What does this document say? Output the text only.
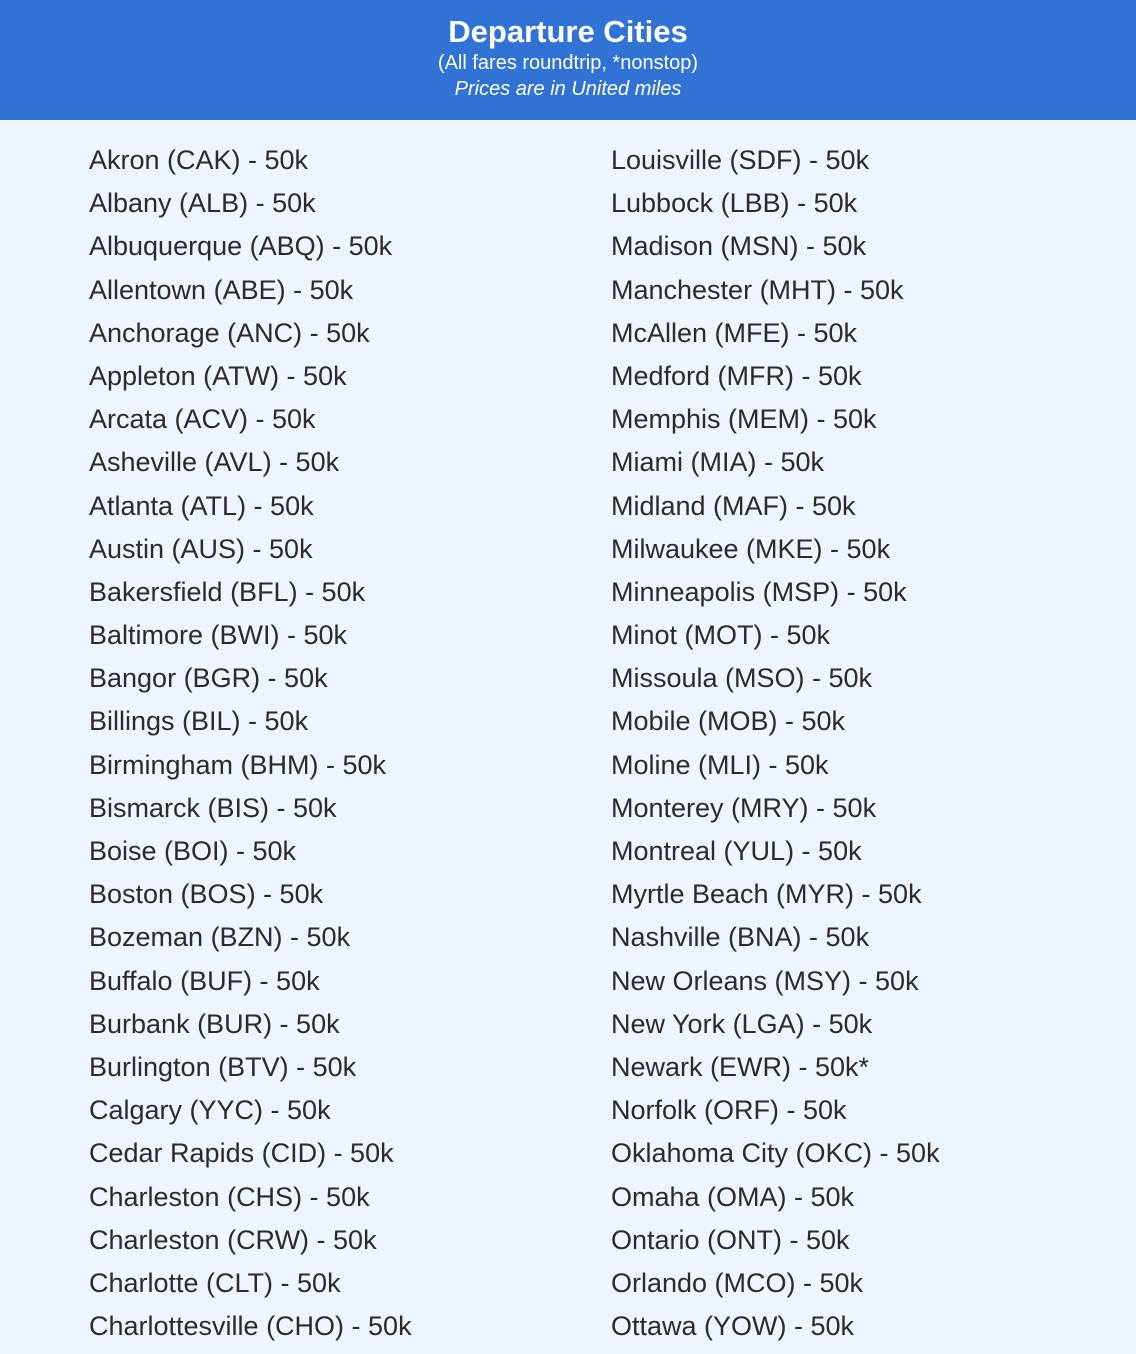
Departure Cities
(All fares roundtrip, *nonstop)
Prices are in United miles
Akron (CAK) - 50k
Albany (ALB) - 50k
Albuquerque (ABQ) - 50k
Allentown (ABE) - 50k
Anchorage (ANC) - 50k
Appleton (ATW) - 50k
Arcata (ACV) - 50k
Asheville (AVL) - 50k
Atlanta (ATL) - 50k
Austin (AUS) - 50k
Bakersfield (BFL) - 50k
Baltimore (BWI) - 50k
Bangor (BGR) - 50k
Billings (BIL) - 50k
Birmingham (BHM) - 50k
Bismarck (BIS) - 50k
Boise (BOI) - 50k
Boston (BOS) - 50k
Bozeman (BZN) - 50k
Buffalo (BUF) - 50k
Burbank (BUR) - 50k
Burlington (BTV) - 50k
Calgary (YYC) - 50k
Cedar Rapids (CID) - 50k
Charleston (CHS) - 50k
Charleston (CRW) - 50k
Charlotte (CLT) - 50k
Charlottesville (CHO) - 50k
Louisville (SDF) - 50k
Lubbock (LBB) - 50k
Madison (MSN) - 50k
Manchester (MHT) - 50k
McAllen (MFE) - 50k
Medford (MFR) - 50k
Memphis (MEM) - 50k
Miami (MIA) - 50k
Midland (MAF) - 50k
Milwaukee (MKE) - 50k
Minneapolis (MSP) - 50k
Minot (MOT) - 50k
Missoula (MSO) - 50k
Mobile (MOB) - 50k
Moline (MLI) - 50k
Monterey (MRY) - 50k
Montreal (YUL) - 50k
Myrtle Beach (MYR) - 50k
Nashville (BNA) - 50k
New Orleans (MSY) - 50k
New York (LGA) - 50k
Newark (EWR) - 50k*
Norfolk (ORF) - 50k
Oklahoma City (OKC) - 50k
Omaha (OMA) - 50k
Ontario (ONT) - 50k
Orlando (MCO) - 50k
Ottawa (YOW) - 50k
